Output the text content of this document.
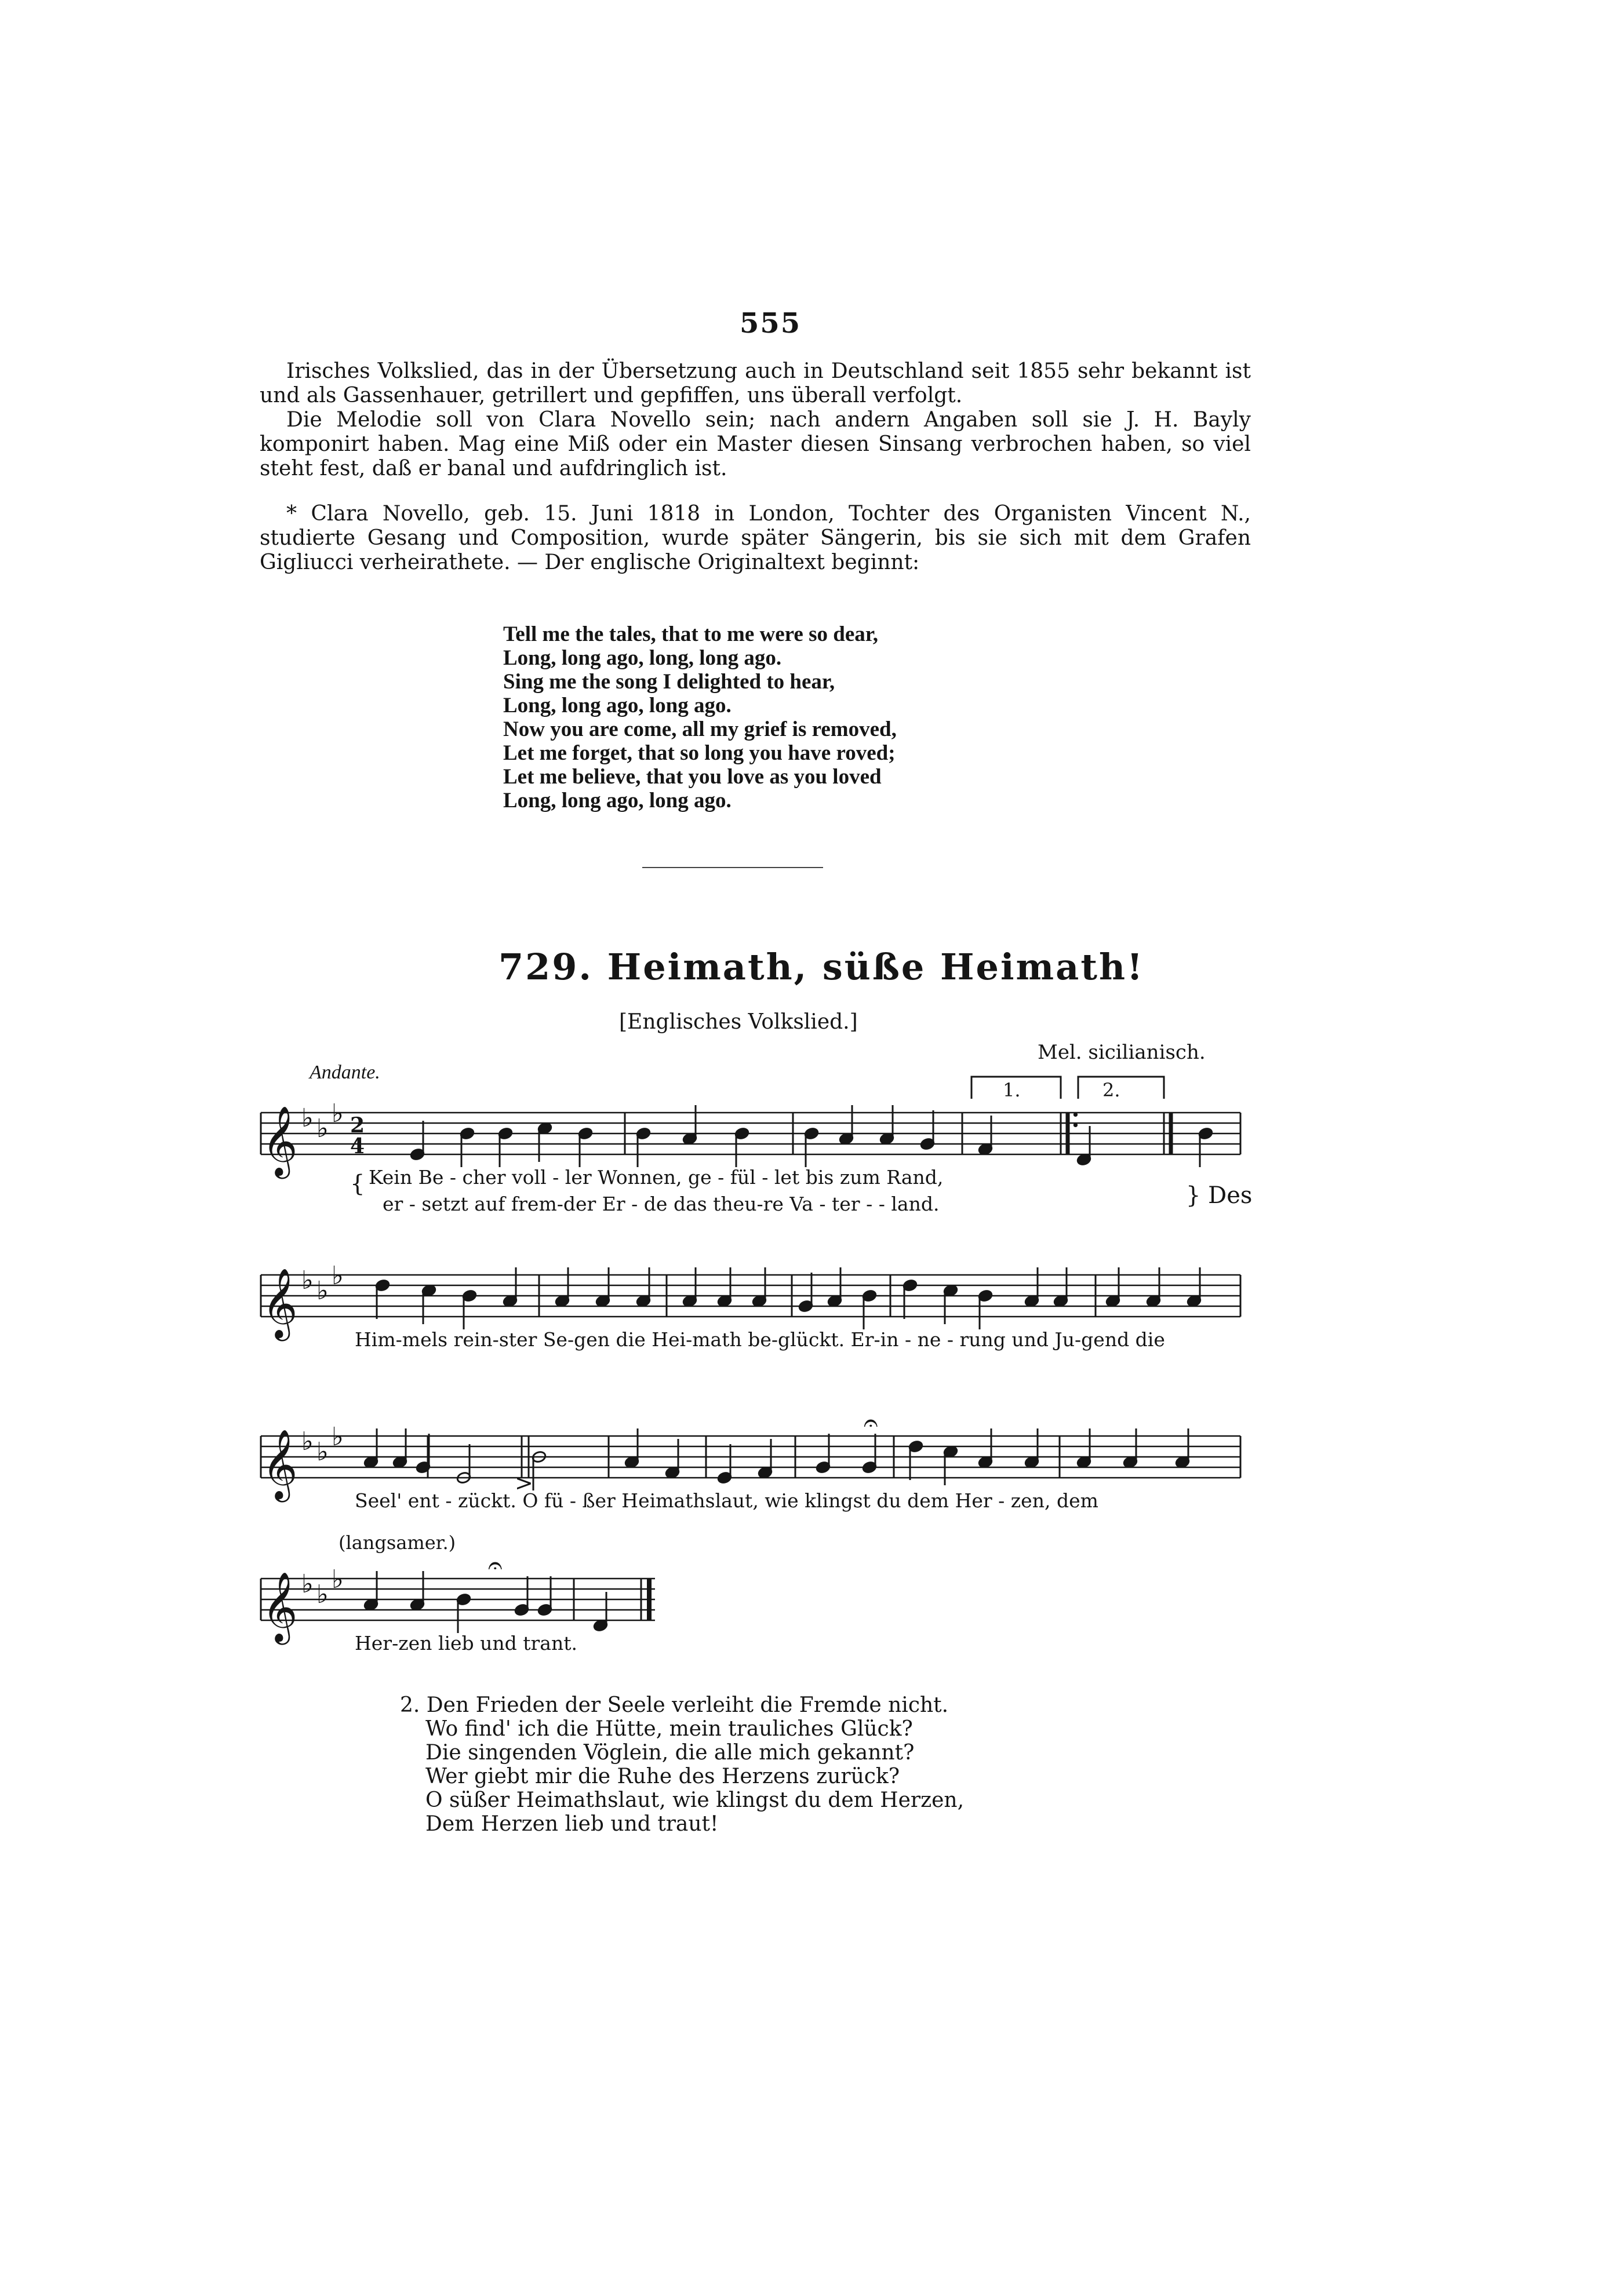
555

Irisches Volkslied, das in der Übersetzung auch in Deutschland seit 1855 sehr bekannt ist und als Gassenhauer, getrillert und gepfiffen, uns überall verfolgt.

Die Melodie soll von Clara Novello sein; nach andern Angaben soll sie J. H. Bayly komponirt haben. Mag eine Miß oder ein Master diesen Sinsang verbrochen haben, so viel steht fest, daß er banal und aufdringlich ist.

* Clara Novello, geb. 15. Juni 1818 in London, Tochter des Organisten Vincent N., studierte Gesang und Composition, wurde später Sängerin, bis sie sich mit dem Grafen Gigliucci verheirathete. — Der englische Originaltext beginnt:

Tell me the tales, that to me were so dear,
Long, long ago, long, long ago.
Sing me the song I delighted to hear,
Long, long ago, long ago.
Now you are come, all my grief is removed,
Let me forget, that so long you have roved;
Let me believe, that you love as you loved
Long, long ago, long ago.
729. Heimath, süße Heimath!
[Englisches Volkslied.]
Mel. sicilianisch.
Andante.
1.	2.
𝄞
𝄞
𝄞
𝄞
♭ ♭
♭
♭ ♭
♭
♭ ♭
♭
♭ ♭
♭
2
4
:
>
𝄐
𝄐
Kein Be - cher voll - ler Wonnen, ge - fül - let bis zum Rand,
er - setzt auf frem-der Er - de das theu-re Va - ter - - land.	} Des
{
Him-mels rein-ster Se-gen die Hei-math be-glückt. Er-in - ne - rung und Ju-gend die
Seel' ent - zückt. O fü - ßer Heimathslaut, wie klingst du dem Her - zen, dem
(langsamer.)
Her-zen lieb und trant.
2. Den Frieden der Seele verleiht die Fremde nicht.
Wo find' ich die Hütte, mein trauliches Glück?
Die singenden Vöglein, die alle mich gekannt?
Wer giebt mir die Ruhe des Herzens zurück?
O süßer Heimathslaut, wie klingst du dem Herzen,
Dem Herzen lieb und traut!
